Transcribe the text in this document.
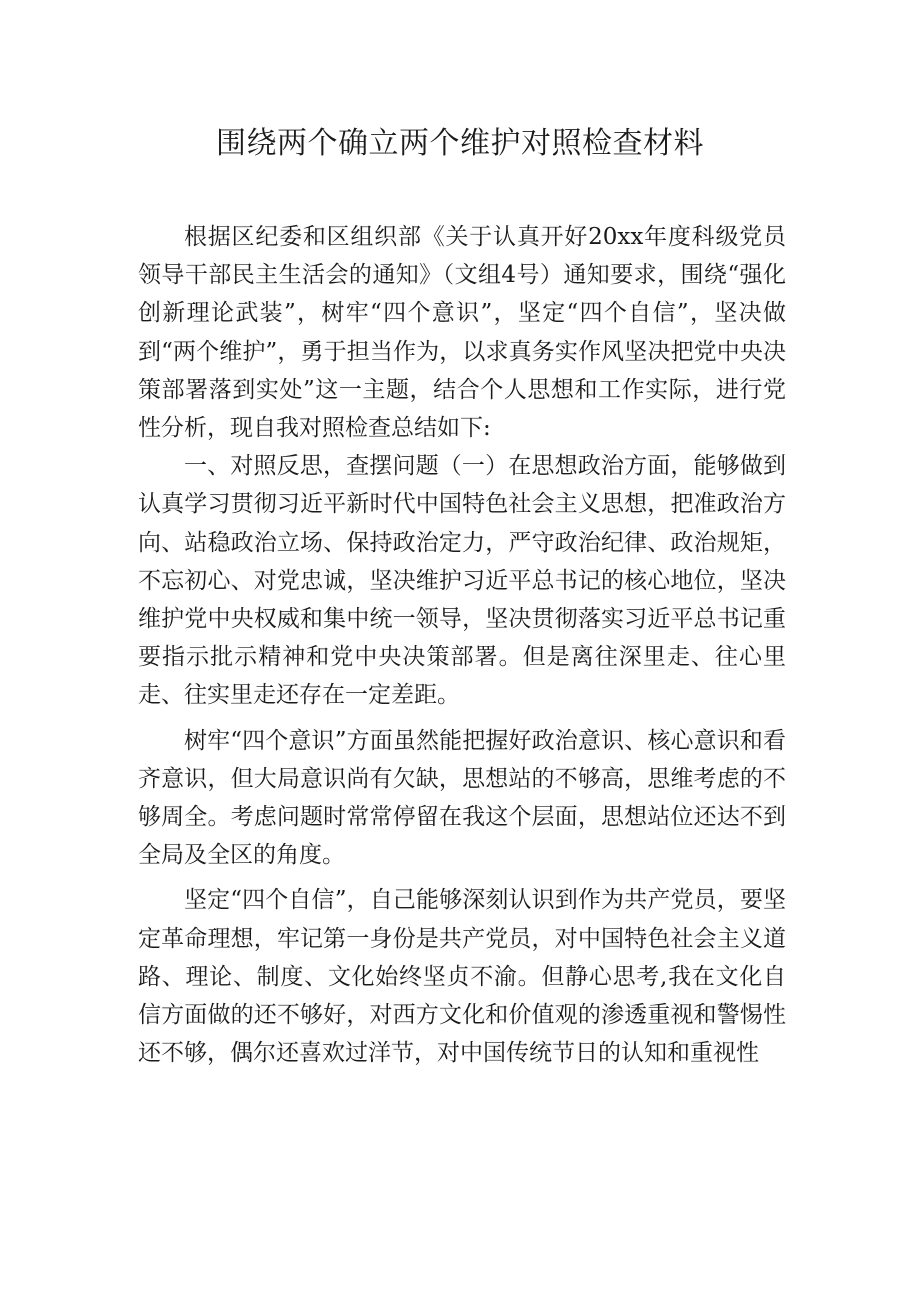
围绕两个确立两个维护对照检查材料

根据区纪委和区组织部《关于认真开好20xx年度科级党员领导干部民主生活会的通知》（文组4号）通知要求，围绕“强化创新理论武装”，树牢“四个意识”，坚定“四个自信”，坚决做到“两个维护”，勇于担当作为，以求真务实作风坚决把党中央决策部署落到实处”这一主题，结合个人思想和工作实际，进行党性分析，现自我对照检查总结如下:

一、对照反思，查摆问题（一）在思想政治方面，能够做到认真学习贯彻习近平新时代中国特色社会主义思想，把准政治方向、站稳政治立场、保持政治定力，严守政治纪律、政治规矩，不忘初心、对党忠诚，坚决维护习近平总书记的核心地位，坚决维护党中央权威和集中统一领导，坚决贯彻落实习近平总书记重要指示批示精神和党中央决策部署。但是离往深里走、往心里走、往实里走还存在一定差距。

树牢“四个意识”方面虽然能把握好政治意识、核心意识和看齐意识，但大局意识尚有欠缺，思想站的不够高，思维考虑的不够周全。考虑问题时常常停留在我这个层面，思想站位还达不到全局及全区的角度。

坚定“四个自信”，自己能够深刻认识到作为共产党员，要坚定革命理想，牢记第一身份是共产党员，对中国特色社会主义道路、理论、制度、文化始终坚贞不渝。但静心思考,我在文化自信方面做的还不够好，对西方文化和价值观的渗透重视和警惕性还不够，偶尔还喜欢过洋节，对中国传统节日的认知和重视性
